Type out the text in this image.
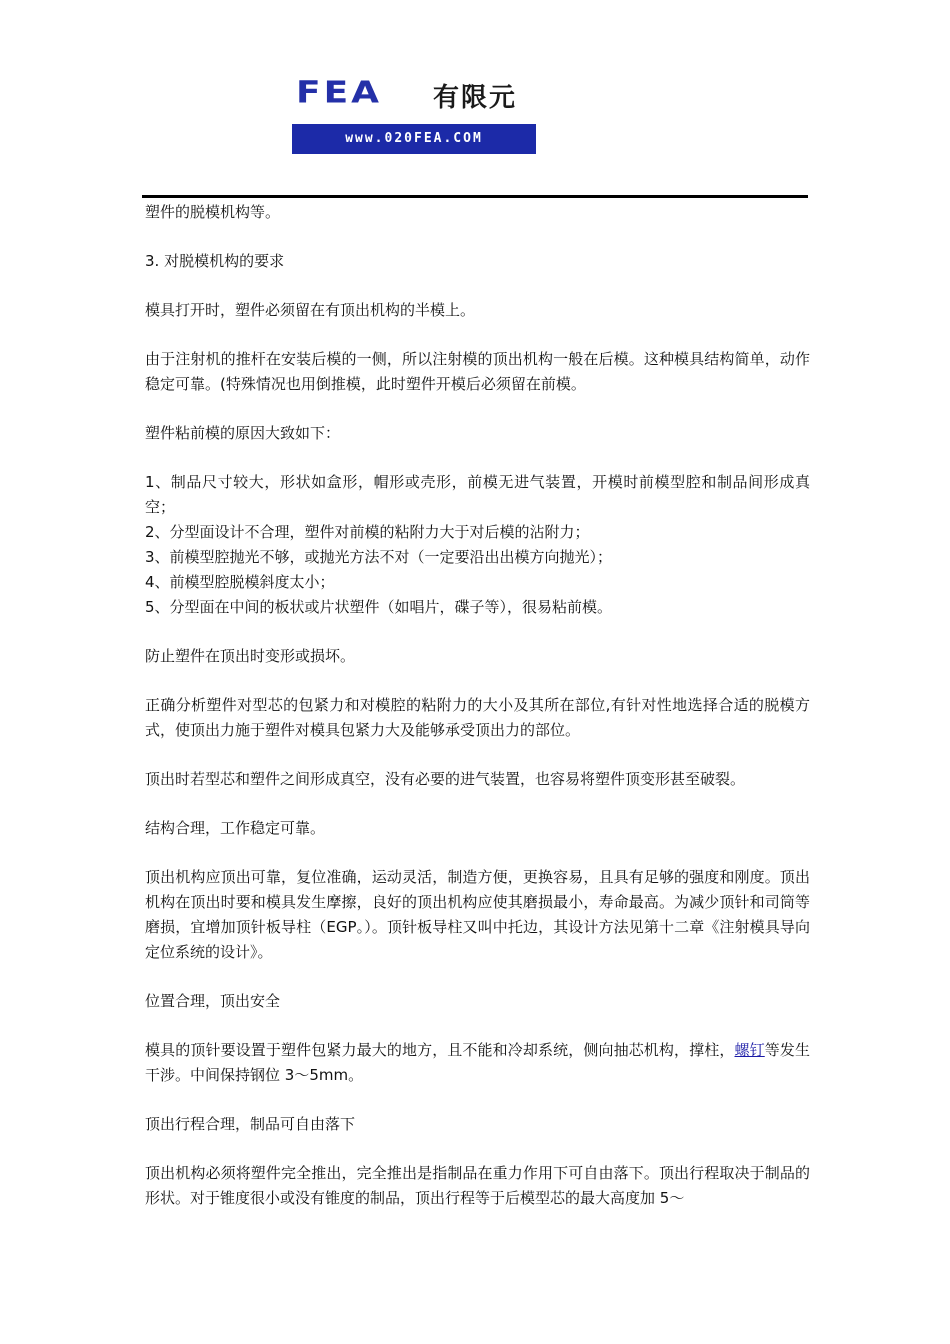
FEA 有限元
www.020FEA.COM

塑件的脱模机构等。

3. 对脱模机构的要求

模具打开时，塑件必须留在有顶出机构的半模上。

由于注射机的推杆在安装后模的一侧，所以注射模的顶出机构一般在后模。这种模具结构简单，动作稳定可靠。(特殊情况也用倒推模，此时塑件开模后必须留在前模。

塑件粘前模的原因大致如下：

1、制品尺寸较大，形状如盒形，帽形或壳形，前模无进气装置，开模时前模型腔和制品间形成真空；
2、分型面设计不合理，塑件对前模的粘附力大于对后模的沾附力；
3、前模型腔抛光不够，或抛光方法不对（一定要沿出出模方向抛光）；
4、前模型腔脱模斜度太小；
5、分型面在中间的板状或片状塑件（如唱片，碟子等），很易粘前模。

防止塑件在顶出时变形或损坏。

正确分析塑件对型芯的包紧力和对模腔的粘附力的大小及其所在部位,有针对性地选择合适的脱模方式，使顶出力施于塑件对模具包紧力大及能够承受顶出力的部位。

顶出时若型芯和塑件之间形成真空，没有必要的进气装置，也容易将塑件顶变形甚至破裂。

结构合理，工作稳定可靠。

顶出机构应顶出可靠，复位准确，运动灵活，制造方便，更换容易，且具有足够的强度和刚度。顶出机构在顶出时要和模具发生摩擦，良好的顶出机构应使其磨损最小，寿命最高。为减少顶针和司筒等磨损，宜增加顶针板导柱（EGP。）。顶针板导柱又叫中托边，其设计方法见第十二章《注射模具导向定位系统的设计》。

位置合理，顶出安全

模具的顶针要设置于塑件包紧力最大的地方，且不能和冷却系统，侧向抽芯机构，撑柱，螺钉等发生干涉。中间保持钢位 3～5mm。

顶出行程合理，制品可自由落下

顶出机构必须将塑件完全推出，完全推出是指制品在重力作用下可自由落下。顶出行程取决于制品的形状。对于锥度很小或没有锥度的制品，顶出行程等于后模型芯的最大高度加 5～
